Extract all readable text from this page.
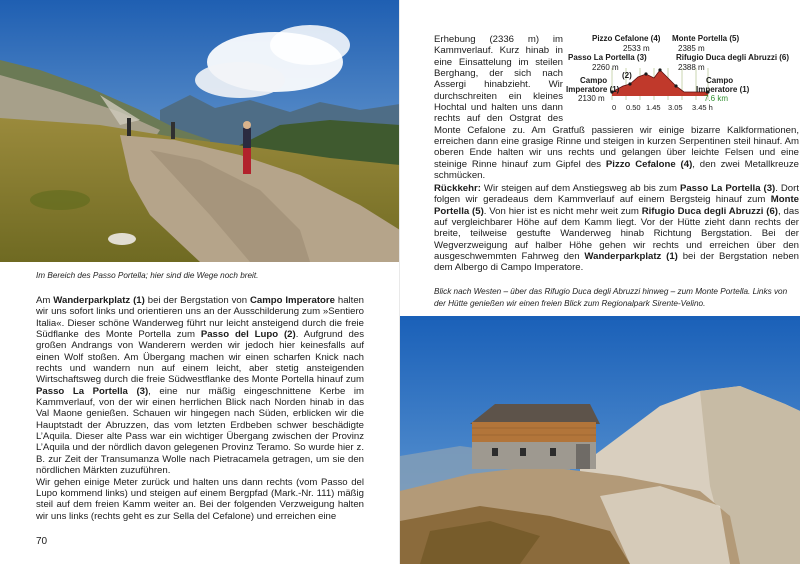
Im Bereich des Passo Portella; hier sind die Wege noch breit.

Am Wanderparkplatz (1) bei der Bergstation von Campo Imperatore halten wir uns sofort links und orientieren uns an der Ausschilderung zum »Sentiero Italia«. Dieser schöne Wanderweg führt nur leicht ansteigend durch die freie Südflanke des Monte Portella zum Passo del Lupo (2). Aufgrund des großen Andrangs von Wanderern werden wir jedoch hier keinesfalls auf einen Wolf stoßen. Am Übergang machen wir einen scharfen Knick nach rechts und wandern nun auf einem leicht, aber stetig ansteigenden Wirtschaftsweg durch die freie Südwestflanke des Monte Portella hinauf zum Passo La Portella (3), eine nur mäßig eingeschnittene Kerbe im Kammverlauf, von der wir einen herrlichen Blick nach Norden hinab in das Val Maone genießen. Schauen wir hingegen nach Süden, erblicken wir die Hauptstadt der Abruzzen, das vom letzten Erdbeben schwer beschädigte L’Aquila. Dieser alte Pass war ein wichtiger Übergang zwischen der Provinz L’Aquila und der nördlich davon gelegenen Provinz Teramo. So wurde hier z. B. zur Zeit der Transumanza Wolle nach Pietracamela getragen, um sie den nördlichen Märkten zuzuführen.

Wir gehen einige Meter zurück und halten uns dann rechts (vom Passo del Lupo kommend links) und steigen auf einem Bergpfad (Mark.-Nr. 111) mäßig steil auf dem freien Kamm weiter an. Bei der folgenden Verzweigung halten wir uns links (rechts geht es zur Sella del Cefalone) und erreichen eine

70

Erhebung (2336 m) im Kammverlauf. Kurz hinab in eine Einsattelung im steilen Berghang, der sich nach Assergi hinabzieht. Wir durchschreiten ein kleines Hochtal und halten uns dann rechts auf den Ostgrat des Monte Cefalone zu. Am Gratfuß passieren wir einige bizarre Kalkformationen, erreichen dann eine grasige Rinne und steigen in kurzen Serpentinen steil hinauf. Am oberen Ende halten wir uns rechts und gelangen über leichte Felsen und eine steinige Rinne hinauf zum Gipfel des Pizzo Cefalone (4), den zwei Metallkreuze schmücken.

Rückkehr: Wir steigen auf dem Anstiegsweg ab bis zum Passo La Portella (3). Dort folgen wir geradeaus dem Kammverlauf auf einem Bergsteig hinauf zum Monte Portella (5). Von hier ist es nicht mehr weit zum Rifugio Duca degli Abruzzi (6), das auf vergleichbarer Höhe auf dem Kamm liegt. Vor der Hütte zieht dann rechts der breite, teilweise gestufte Wanderweg hinab Richtung Bergstation. Bei der Wegverzweigung auf halber Höhe gehen wir rechts und erreichen über den ausgeschwemmten Fahrweg den Wanderparkplatz (1) bei der Bergstation neben dem Albergo di Campo Imperatore.

Blick nach Westen – über das Rifugio Duca degli Abruzzi hinweg – zum Monte Portella. Links von der Hütte genießen wir einen freien Blick zum Regionalpark Sirente-Velino.
Pizzo Cefalone (4)
2533 m
Monte Portella (5)
2385 m
Passo La Portella (3)
2260 m
Rifugio Duca degli Abruzzi (6)
2388 m
Campo
Imperatore (1)
2130 m
Campo
Imperatore (1)
7.6 km
(2)
0 0.50 1.45 3.05 3.45 h
